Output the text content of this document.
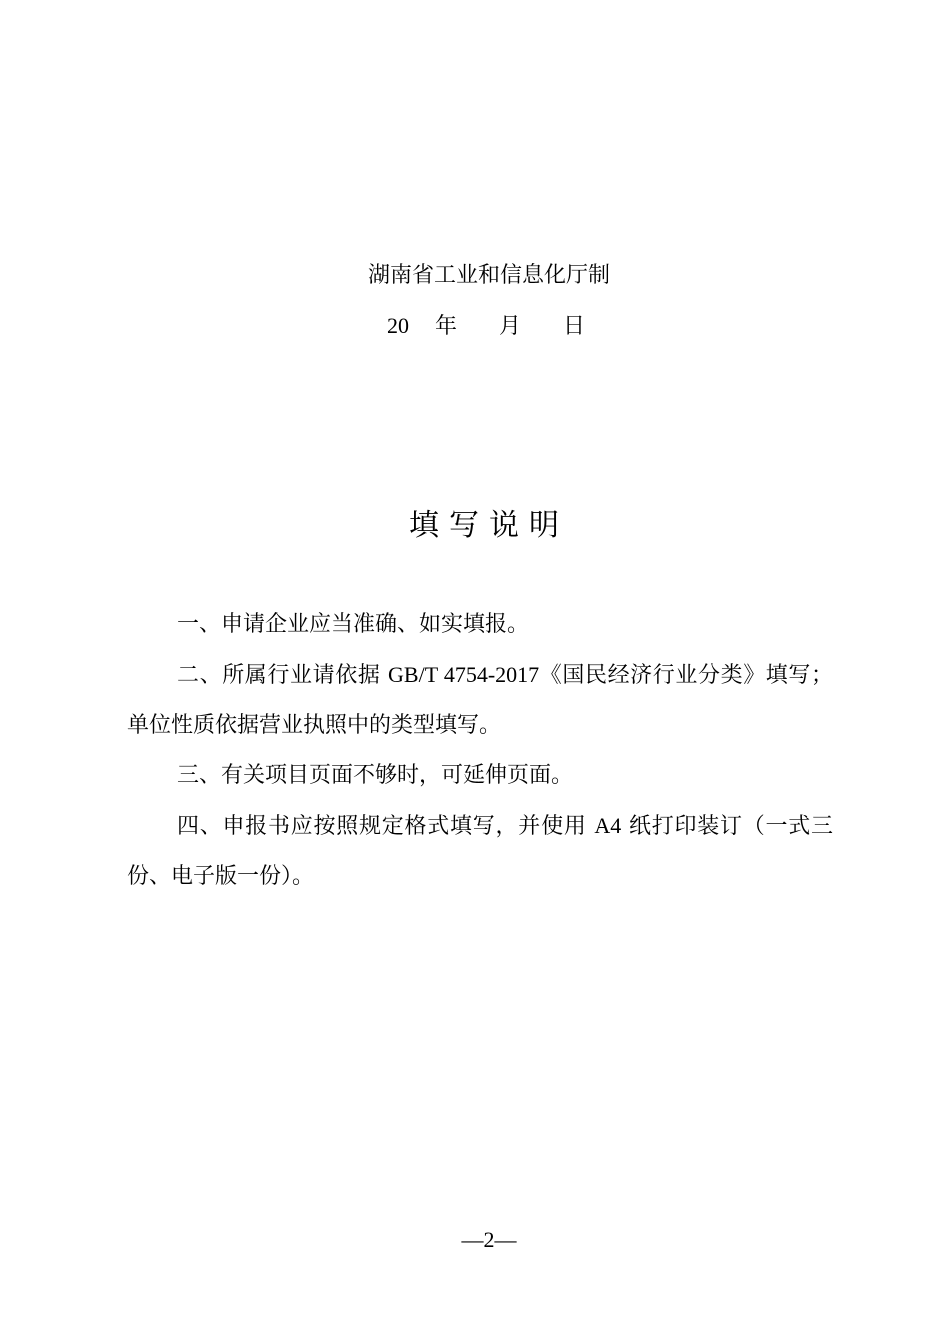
湖南省工业和信息化厅制
20 年 月 日
填写说明

一、申请企业应当准确、如实填报。

二、所属行业请依据 GB/T 4754-2017《国民经济行业分类》填写；单位性质依据营业执照中的类型填写。

三、有关项目页面不够时，可延伸页面。

四、申报书应按照规定格式填写，并使用 A4 纸打印装订（一式三份、电子版一份）。

—2—
